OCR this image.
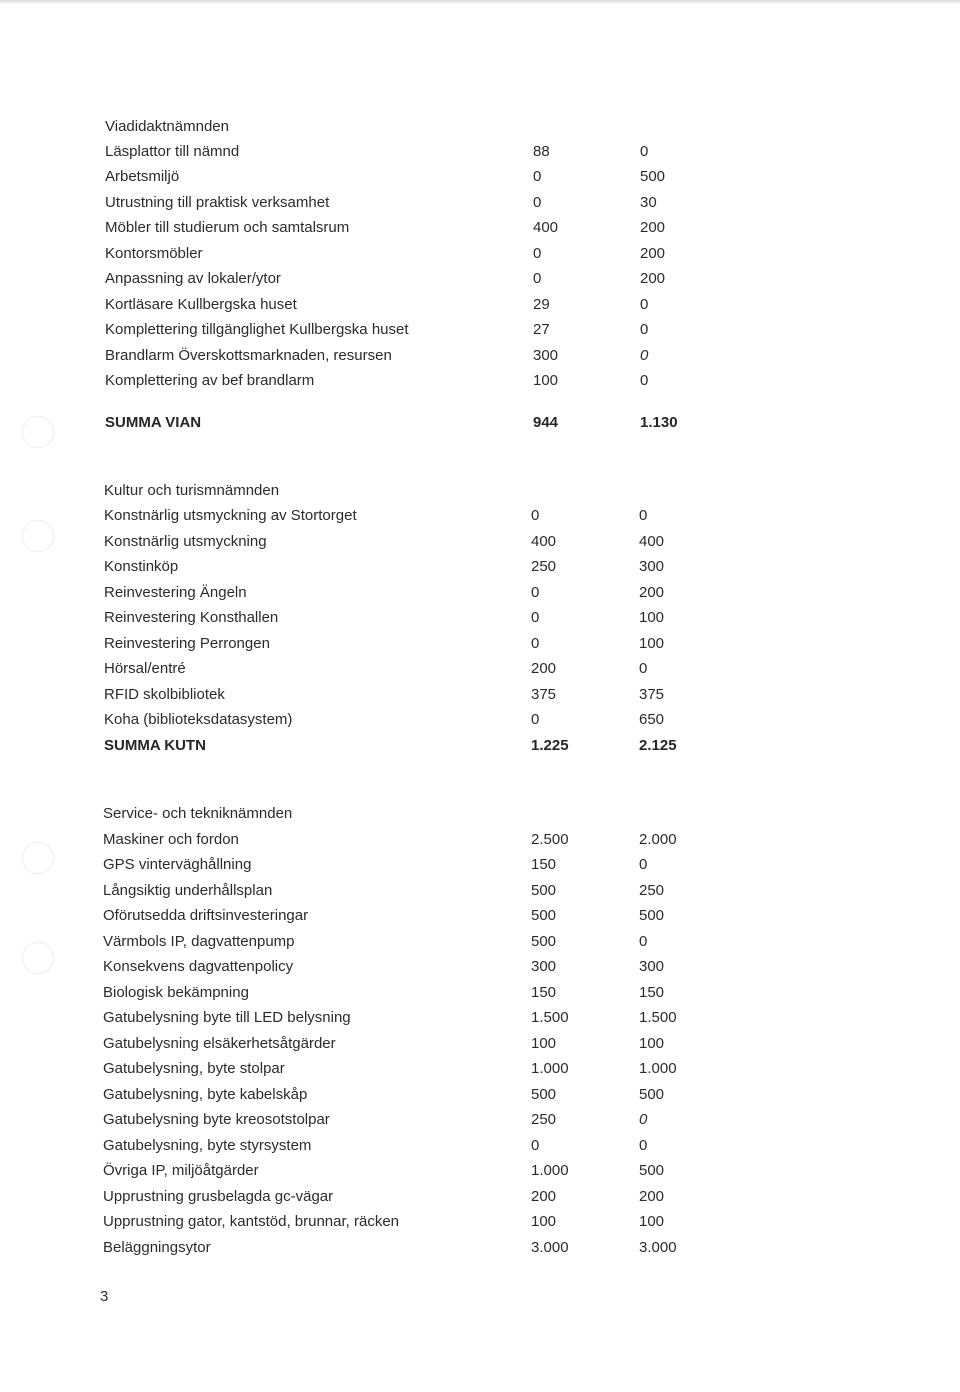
Viadidaktnämnden
Läsplattor till nämnd	88	0
Arbetsmiljö	0	500
Utrustning till praktisk verksamhet	0	30
Möbler till studierum och samtalsrum	400	200
Kontorsmöbler	0	200
Anpassning av lokaler/ytor	0	200
Kortläsare Kullbergska huset	29	0
Komplettering tillgänglighet Kullbergska huset	27	0
Brandlarm Överskottsmarknaden, resursen	300	0
Komplettering av bef brandlarm	100	0
SUMMA VIAN	944	1.130
Kultur och turismnämnden
Konstnärlig utsmyckning av Stortorget	0	0
Konstnärlig utsmyckning	400	400
Konstinköp	250	300
Reinvestering Ängeln	0	200
Reinvestering Konsthallen	0	100
Reinvestering Perrongen	0	100
Hörsal/entré	200	0
RFID skolbibliotek	375	375
Koha (biblioteksdatasystem)	0	650
SUMMA KUTN	1.225	2.125
Service- och tekniknämnden
Maskiner och fordon	2.500	2.000
GPS vinterväghållning	150	0
Långsiktig underhållsplan	500	250
Oförutsedda driftsinvesteringar	500	500
Värmbols IP, dagvattenpump	500	0
Konsekvens dagvattenpolicy	300	300
Biologisk bekämpning	150	150
Gatubelysning byte till LED belysning	1.500	1.500
Gatubelysning elsäkerhetsåtgärder	100	100
Gatubelysning, byte stolpar	1.000	1.000
Gatubelysning, byte kabelskåp	500	500
Gatubelysning byte kreosotstolpar	250	0
Gatubelysning, byte styrsystem	0	0
Övriga IP, miljöåtgärder	1.000	500
Upprustning grusbelagda gc-vägar	200	200
Upprustning gator, kantstöd, brunnar, räcken	100	100
Beläggningsytor	3.000	3.000
3
